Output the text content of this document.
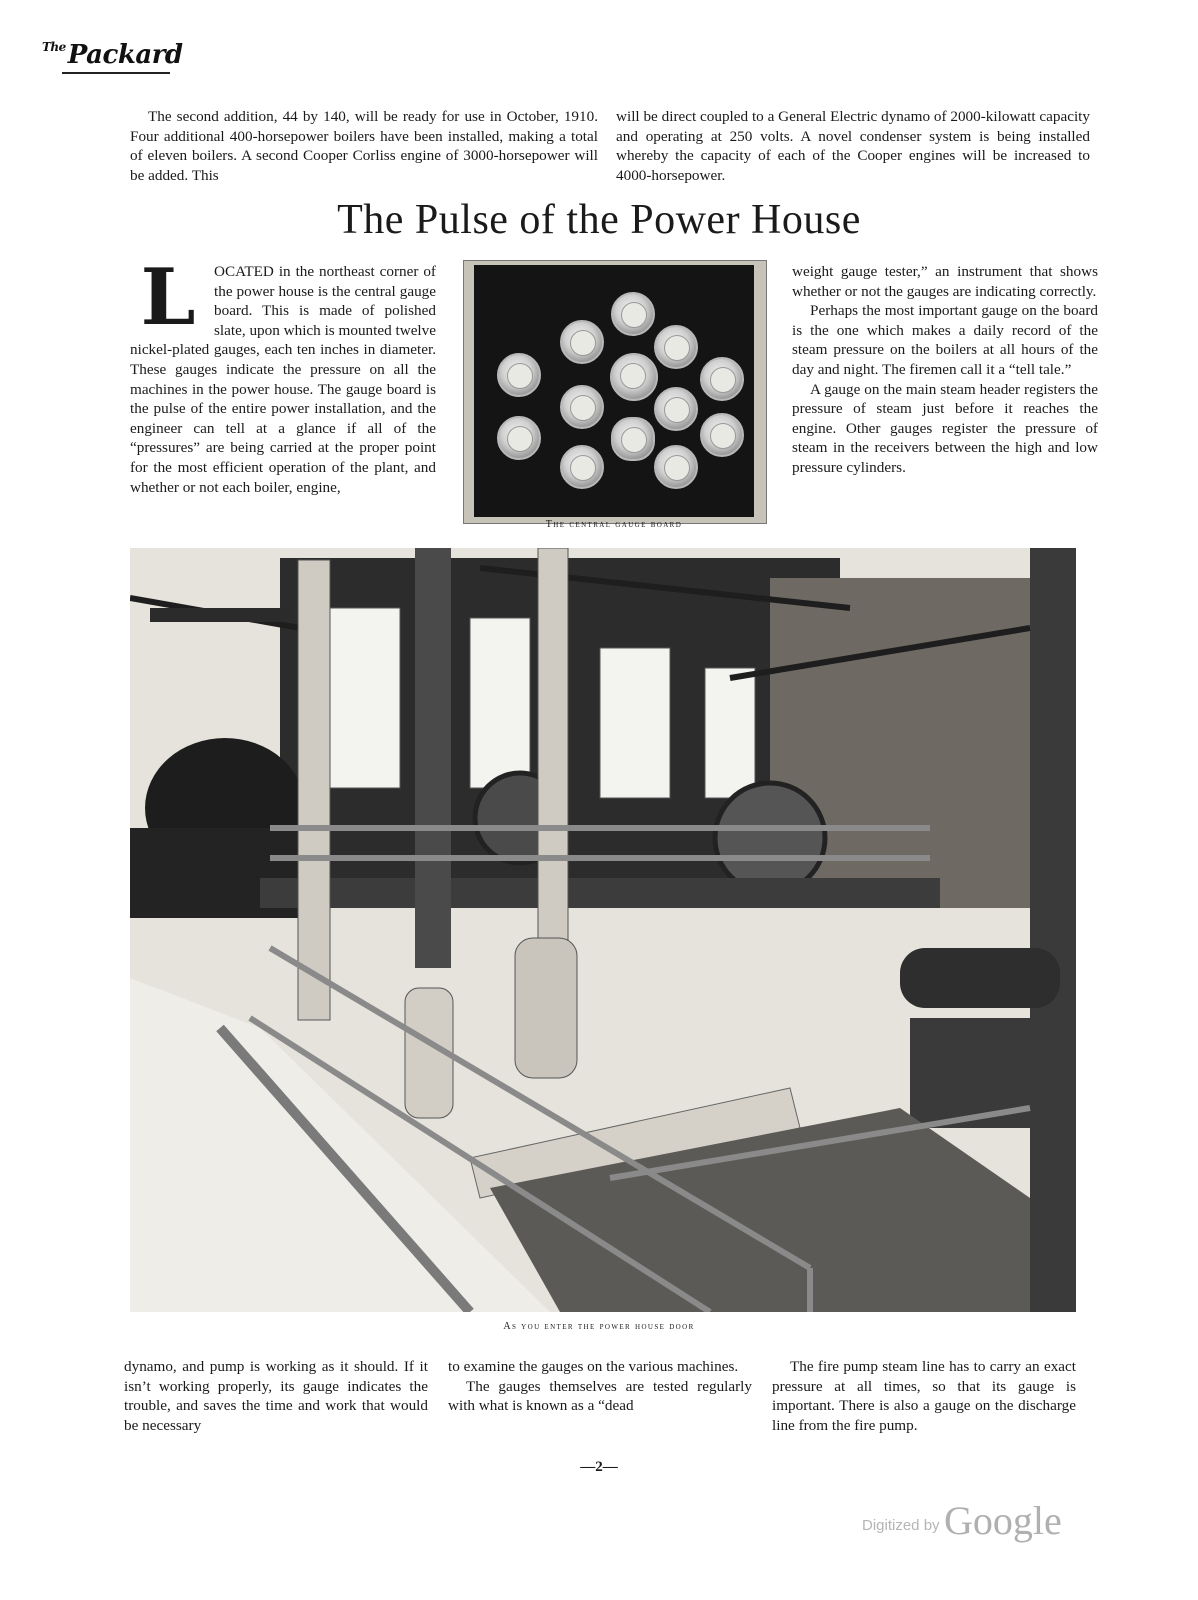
$^{The}$Packard

The second addition, 44 by 140, will be ready for use in October, 1910. Four additional 400-horsepower boilers have been installed, making a total of eleven boilers. A second Cooper Corliss engine of 3000-horsepower will be added. This

will be direct coupled to a General Electric dynamo of 2000-kilowatt capacity and operating at 250 volts. A novel condenser system is being installed whereby the capacity of each of the Cooper engines will be increased to 4000-horsepower.

The Pulse of the Power House
L	OCATED in the northeast corner of the power house is the central gauge board. This is made of polished slate, upon which is mounted twelve nickel-plated gauges, each ten inches in diameter. These gauges indicate the pressure on all the machines in the power house. The gauge board is the pulse of the entire power installation, and the engineer can tell at a glance if all of the “pressures” are being carried at the proper point for the most efficient operation of the plant, and whether or not each boiler, engine,

The central gauge board

weight gauge tester,” an instrument that shows whether or not the gauges are indicating correctly.

Perhaps the most important gauge on the board is the one which makes a daily record of the steam pressure on the boilers at all hours of the day and night. The firemen call it a “tell tale.”

A gauge on the main steam header registers the pressure of steam just before it reaches the engine. Other gauges register the pressure of steam in the receivers between the high and low pressure cylinders.

As you enter the power house door

dynamo, and pump is working as it should. If it isn’t working properly, its gauge indicates the trouble, and saves the time and work that would be necessary

to examine the gauges on the various machines.

The gauges themselves are tested regularly with what is known as a “dead

The fire pump steam line has to carry an exact pressure at all times, so that its gauge is important. There is also a gauge on the discharge line from the fire pump.

—2—

Digitized by Google
